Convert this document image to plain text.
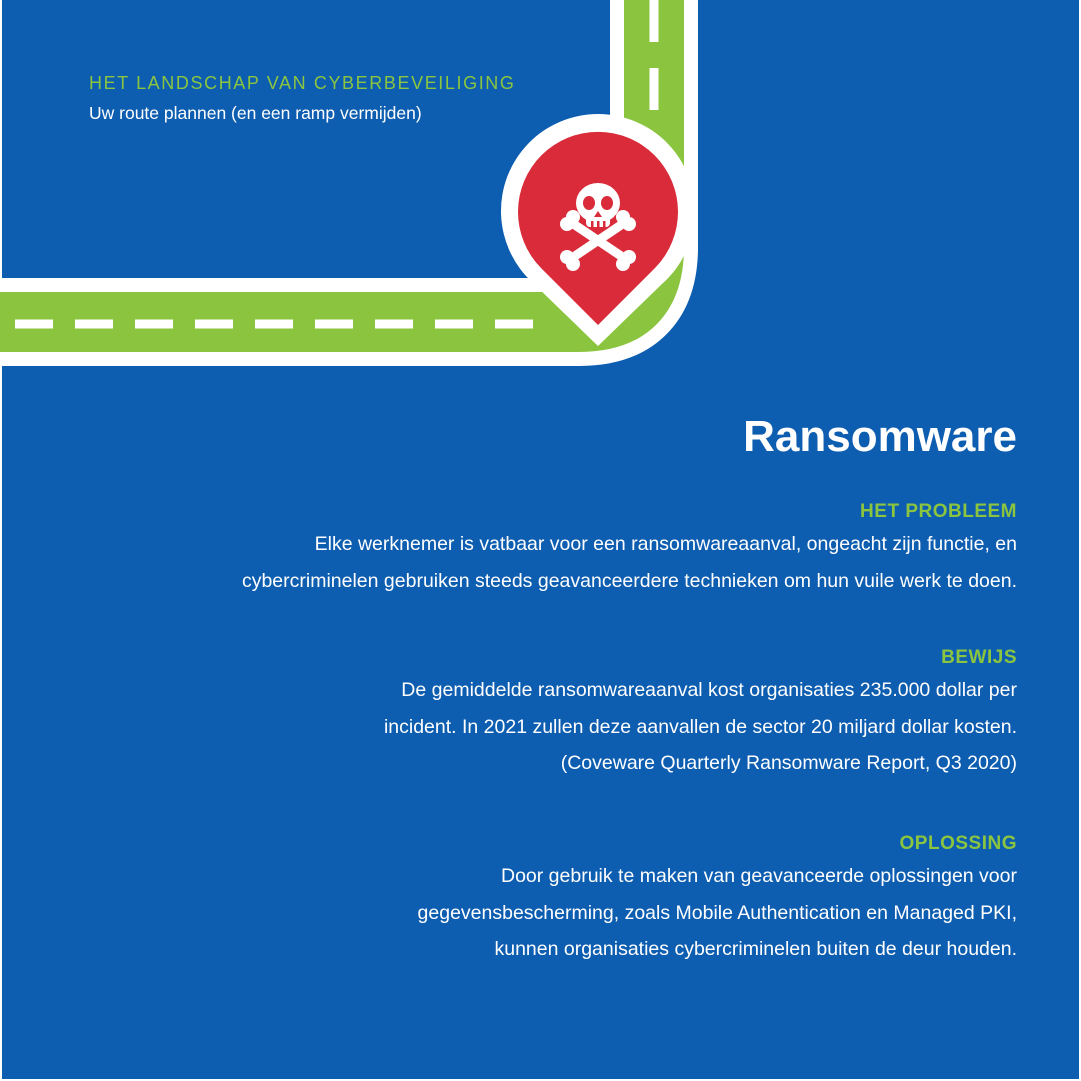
HET LANDSCHAP VAN CYBERBEVEILIGING
Uw route plannen (en een ramp vermijden)
Ransomware
HET PROBLEEM
Elke werknemer is vatbaar voor een ransomwareaanval, ongeacht zijn functie, en
cybercriminelen gebruiken steeds geavanceerdere technieken om hun vuile werk te doen.
BEWIJS
De gemiddelde ransomwareaanval kost organisaties 235.000 dollar per
incident. In 2021 zullen deze aanvallen de sector 20 miljard dollar kosten.
(Coveware Quarterly Ransomware Report, Q3 2020)
OPLOSSING
Door gebruik te maken van geavanceerde oplossingen voor
gegevensbescherming, zoals Mobile Authentication en Managed PKI,
kunnen organisaties cybercriminelen buiten de deur houden.
